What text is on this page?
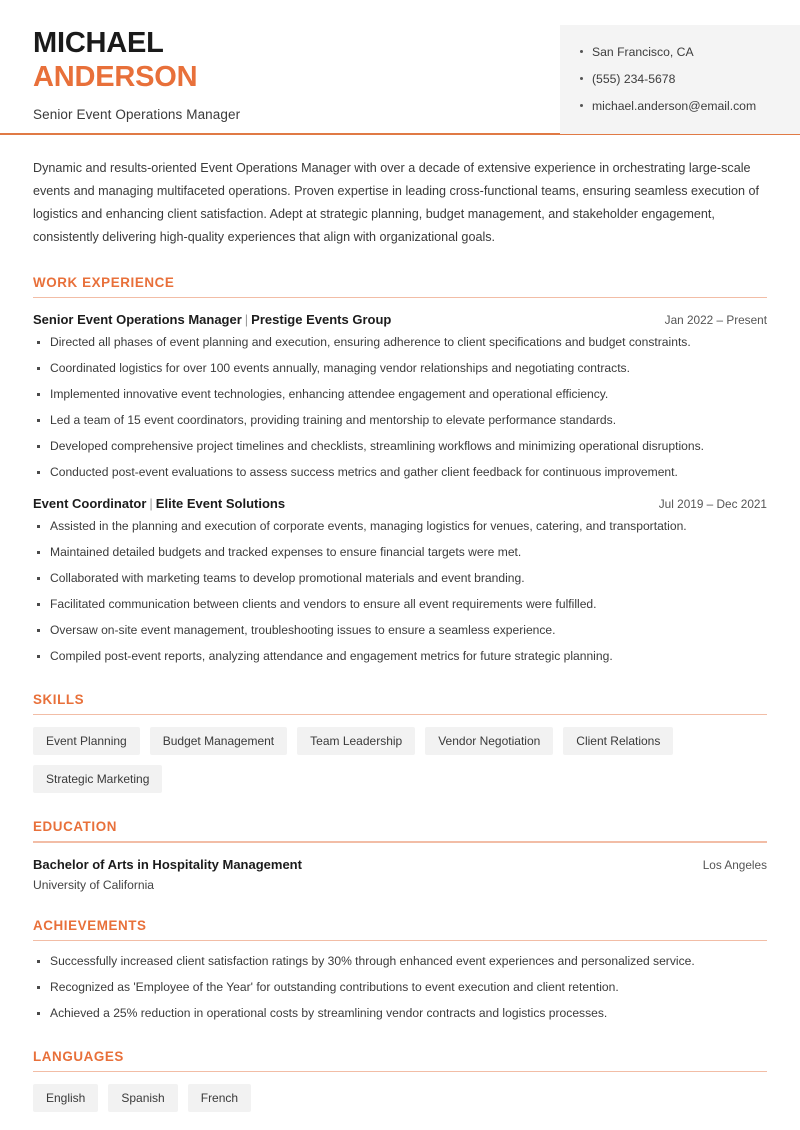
MICHAEL
ANDERSON
Senior Event Operations Manager
San Francisco, CA
(555) 234-5678
michael.anderson@email.com

Dynamic and results-oriented Event Operations Manager with over a decade of extensive experience in orchestrating large-scale events and managing multifaceted operations. Proven expertise in leading cross-functional teams, ensuring seamless execution of logistics and enhancing client satisfaction. Adept at strategic planning, budget management, and stakeholder engagement, consistently delivering high-quality experiences that align with organizational goals.

WORK EXPERIENCE
Senior Event Operations Manager | Prestige Events Group	Jan 2022 – Present
Directed all phases of event planning and execution, ensuring adherence to client specifications and budget constraints.
Coordinated logistics for over 100 events annually, managing vendor relationships and negotiating contracts.
Implemented innovative event technologies, enhancing attendee engagement and operational efficiency.
Led a team of 15 event coordinators, providing training and mentorship to elevate performance standards.
Developed comprehensive project timelines and checklists, streamlining workflows and minimizing operational disruptions.
Conducted post-event evaluations to assess success metrics and gather client feedback for continuous improvement.
Event Coordinator | Elite Event Solutions	Jul 2019 – Dec 2021
Assisted in the planning and execution of corporate events, managing logistics for venues, catering, and transportation.
Maintained detailed budgets and tracked expenses to ensure financial targets were met.
Collaborated with marketing teams to develop promotional materials and event branding.
Facilitated communication between clients and vendors to ensure all event requirements were fulfilled.
Oversaw on-site event management, troubleshooting issues to ensure a seamless experience.
Compiled post-event reports, analyzing attendance and engagement metrics for future strategic planning.
SKILLS
Event Planning	Budget Management	Team Leadership	Vendor Negotiation	Client Relations
Strategic Marketing
EDUCATION
Bachelor of Arts in Hospitality Management	Los Angeles
University of California
ACHIEVEMENTS
Successfully increased client satisfaction ratings by 30% through enhanced event experiences and personalized service.
Recognized as 'Employee of the Year' for outstanding contributions to event execution and client retention.
Achieved a 25% reduction in operational costs by streamlining vendor contracts and logistics processes.
LANGUAGES
English	Spanish	French
